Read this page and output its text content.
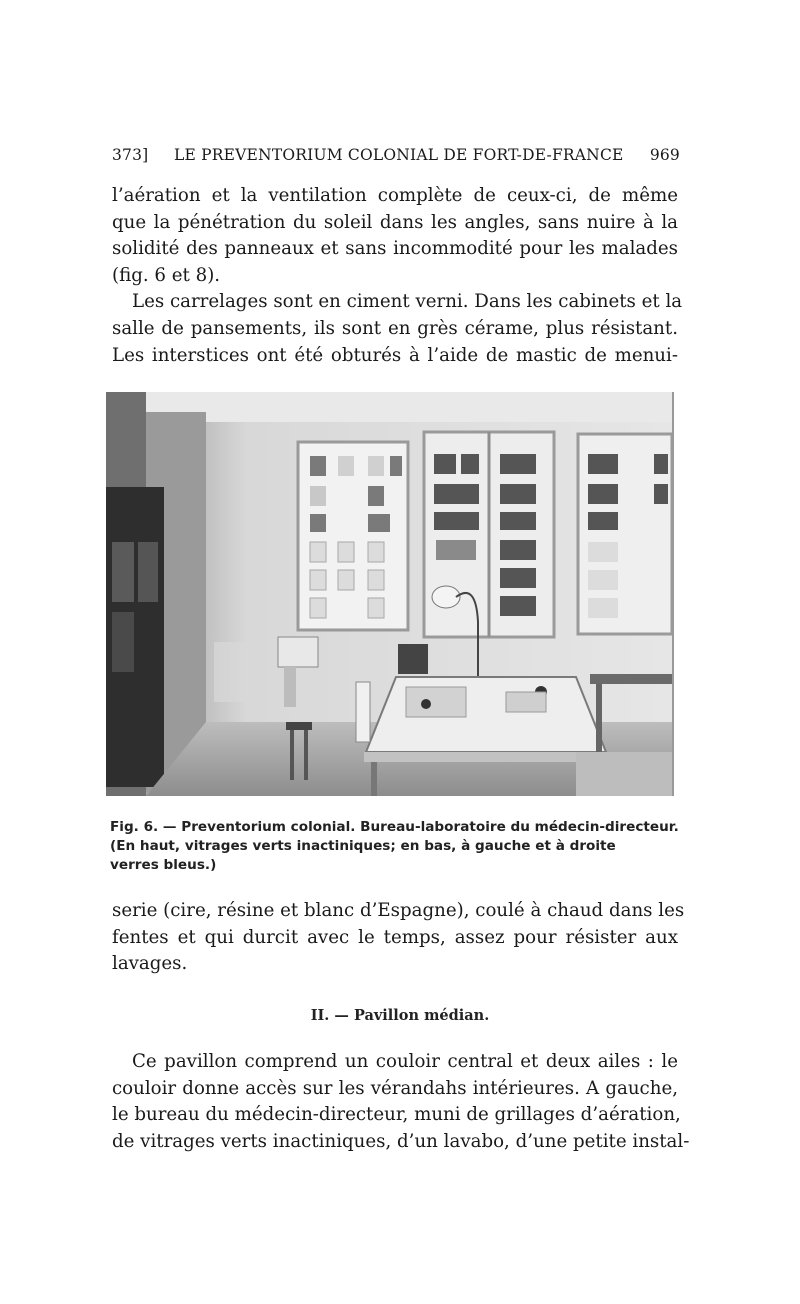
373] LE PREVENTORIUM COLONIAL DE FORT-DE-FRANCE 969
l’aération et la ventilation complète de ceux-ci, de même
que la pénétration du soleil dans les angles, sans nuire à la
solidité des panneaux et sans incommodité pour les malades
(fig. 6 et 8).
Les carrelages sont en ciment verni. Dans les cabinets et la
salle de pansements, ils sont en grès cérame, plus résistant.
Les interstices ont été obturés à l’aide de mastic de menui-
Fig. 6. — Preventorium colonial. Bureau-laboratoire du médecin-directeur.
(En haut, vitrages verts inactiniques; en bas, à gauche et à droite
verres bleus.)
serie (cire, résine et blanc d’Espagne), coulé à chaud dans les
fentes et qui durcit avec le temps, assez pour résister aux
lavages.
II. — Pavillon médian.
Ce pavillon comprend un couloir central et deux ailes : le
couloir donne accès sur les vérandahs intérieures. A gauche,
le bureau du médecin-directeur, muni de grillages d’aération,
de vitrages verts inactiniques, d’un lavabo, d’une petite instal-
